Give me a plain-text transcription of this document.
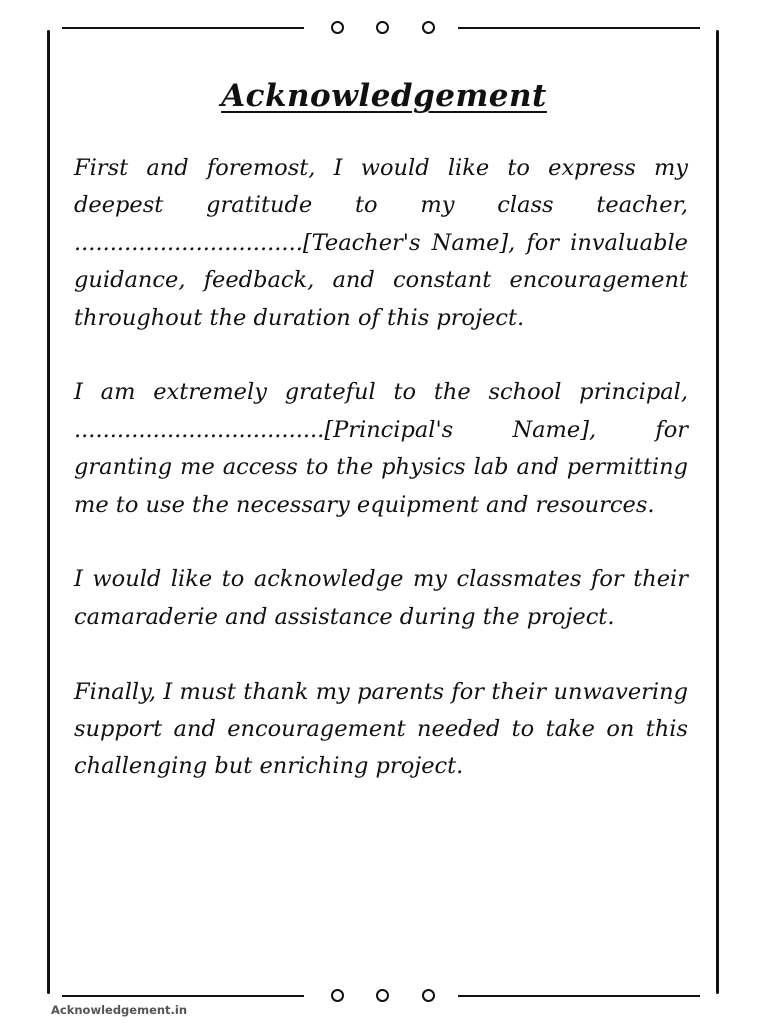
Acknowledgement

First and foremost, I would like to express my deepest gratitude to my class teacher, ................................[Teacher's Name], for invaluable guidance, feedback, and constant encouragement throughout the duration of this project.

I am extremely grateful to the school principal, ...................................[Principal's Name], for granting me access to the physics lab and permitting me to use the necessary equipment and resources.

I would like to acknowledge my classmates for their camaraderie and assistance during the project.

Finally, I must thank my parents for their unwavering support and encouragement needed to take on this challenging but enriching project.

Acknowledgement.in
